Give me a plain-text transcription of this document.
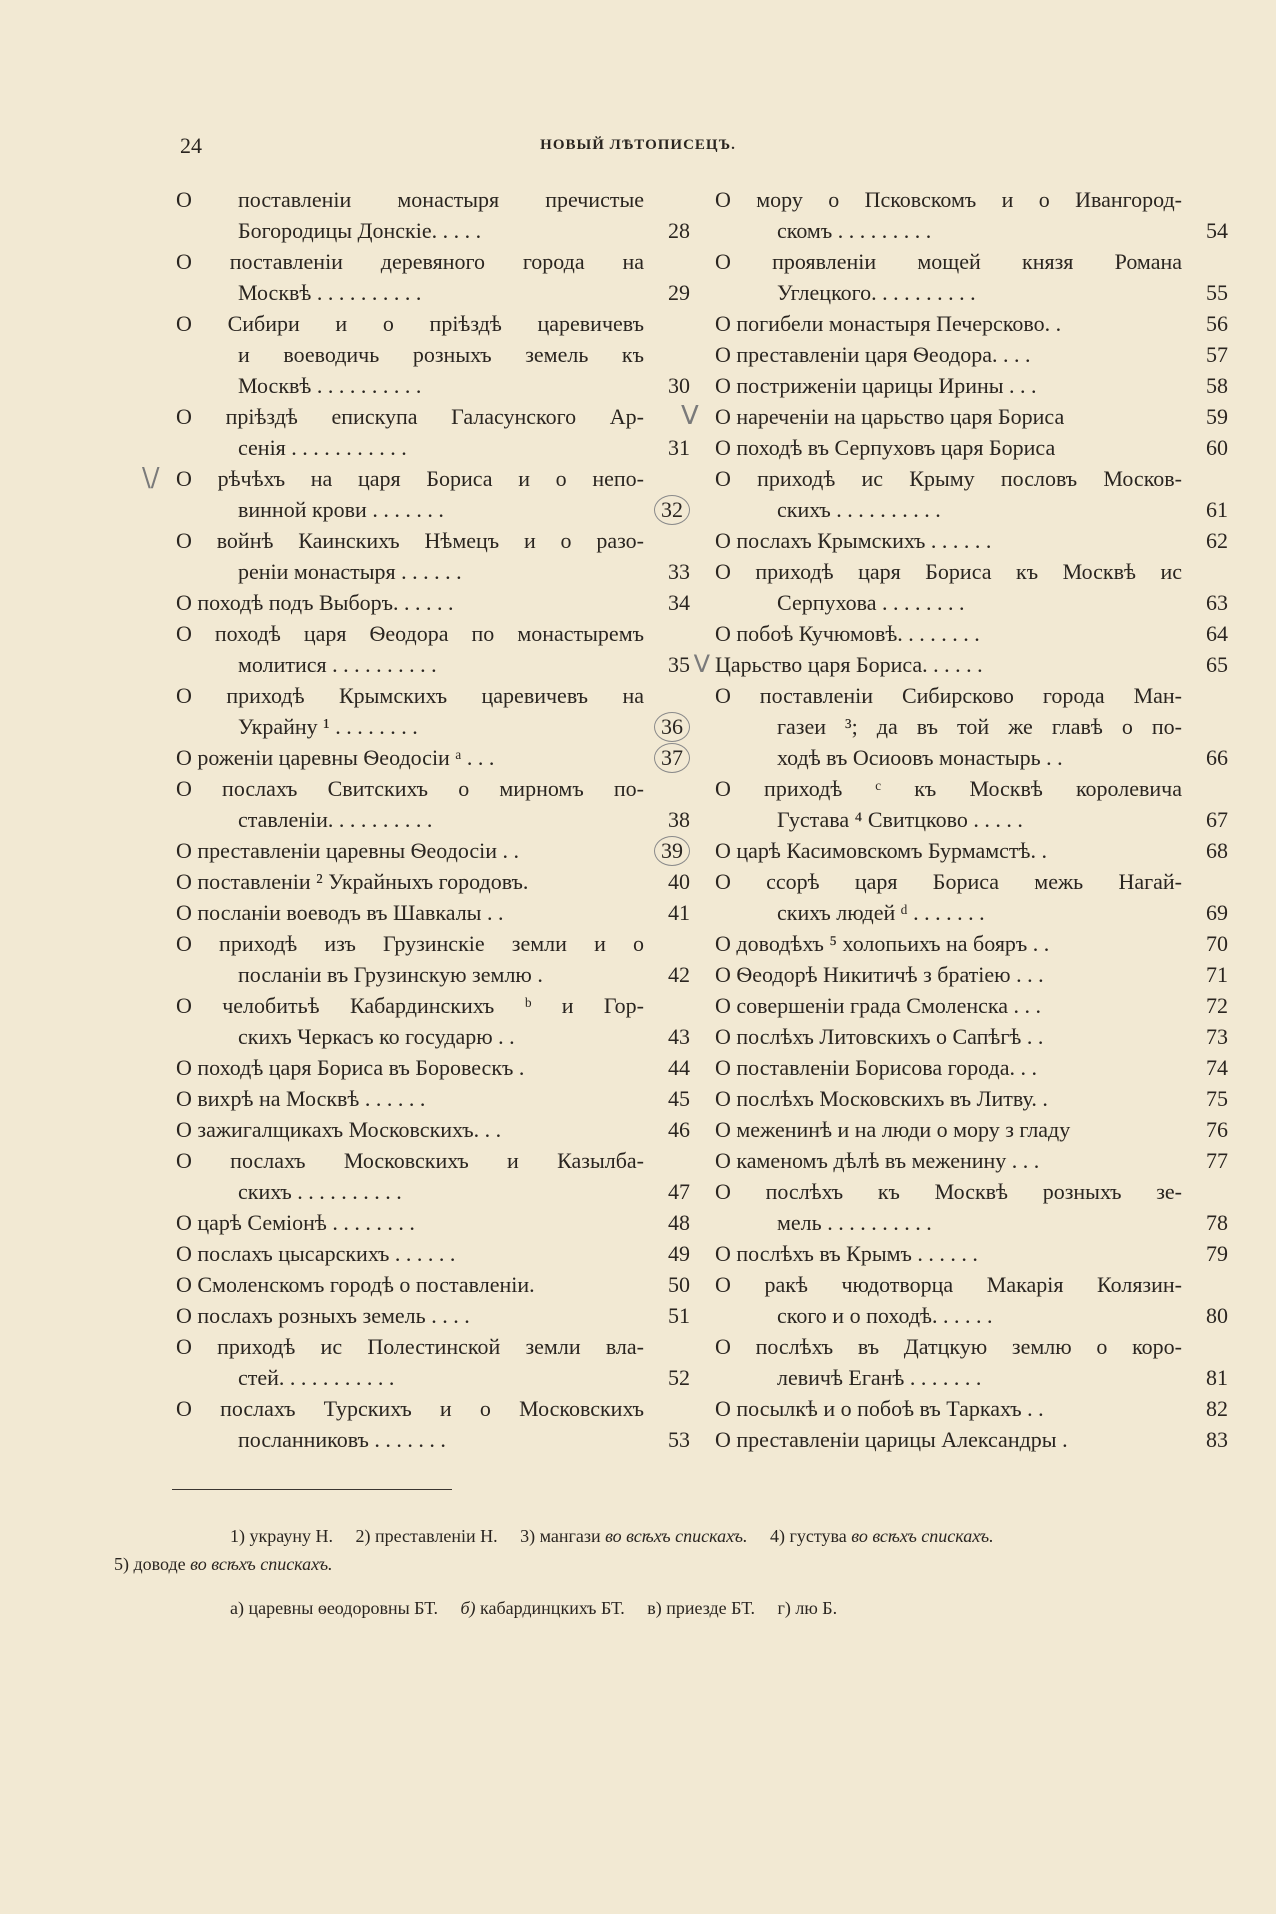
24	НОВЫЙ ЛѢТОПИСЕЦЪ.
О поставленіи монастыря пречистые
Богородицы Донскіе. . . . .	28
О поставленіи деревяного города на
Москвѣ . . . . . . . . . .	29
О Сибири и о пріѣздѣ царевичевъ
и воеводичь розныхъ земель къ
Москвѣ . . . . . . . . . .	30
О пріѣздѣ епискупа Галасунского Ар-
сенія . . . . . . . . . . .	31
\/ О рѣчѣхъ на царя Бориса и о непо-
винной крови . . . . . . .	32
О войнѣ Каинскихъ Нѣмецъ и о разо-
реніи монастыря . . . . . .	33
О походѣ подъ Выборъ. . . . . .	34
О походѣ царя Ѳеодора по монастыремъ
молитися . . . . . . . . . .	35 V
О приходѣ Крымскихъ царевичевъ на
Украйну ¹ . . . . . . . .	36
О роженіи царевны Ѳеодосіи ᵃ . . .	37
О послахъ Свитскихъ о мирномъ по-
ставленіи. . . . . . . . . .	38
О преставленіи царевны Ѳеодосіи . .	39
О поставленіи ² Украйныхъ городовъ.	40
О посланіи воеводъ въ Шавкалы . .	41
О приходѣ изъ Грузинскіе земли и о
посланіи въ Грузинскую землю .	42
О челобитьѣ Кабардинскихъ ᵇ и Гор-
скихъ Черкасъ ко государю . .	43
О походѣ царя Бориса въ Боровескъ .	44
О вихрѣ на Москвѣ . . . . . .	45
О зажигалщикахъ Московскихъ. . .	46
О послахъ Московскихъ и Казылба-
скихъ . . . . . . . . . .	47
О царѣ Семіонѣ . . . . . . . .	48
О послахъ цысарскихъ . . . . . .	49
О Смоленскомъ городѣ о поставленіи.	50
О послахъ розныхъ земель . . . .	51
О приходѣ ис Полестинской земли вла-
стей. . . . . . . . . . .	52
О послахъ Турскихъ и о Московскихъ
посланниковъ . . . . . . .	53
О мору о Псковскомъ и о Ивангород-
скомъ . . . . . . . . .	54
О проявленіи мощей князя Романа
Углецкого. . . . . . . . . .	55
О погибели монастыря Печерсково. .	56
О преставленіи царя Ѳеодора. . . .	57
О постриженіи царицы Ирины . . .	58
V О нареченіи на царьство царя Бориса	59
О походѣ въ Серпуховъ царя Бориса	60
О приходѣ ис Крыму пословъ Москов-
скихъ . . . . . . . . . .	61
О послахъ Крымскихъ . . . . . .	62
О приходѣ царя Бориса къ Москвѣ ис
Серпухова . . . . . . . .	63
О побоѣ Кучюмовѣ. . . . . . . .	64
Царьство царя Бориса. . . . . .	65
О поставленіи Сибирсково города Ман-
газеи ³; да въ той же главѣ о по-
ходѣ въ Осиоовъ монастырь . .	66
О приходѣ ᶜ къ Москвѣ королевича
Густава ⁴ Свитцково . . . . .	67
О царѣ Касимовскомъ Бурмамстѣ. .	68
О ссорѣ царя Бориса межь Нагай-
скихъ людей ᵈ . . . . . . .	69
О доводѣхъ ⁵ холопьихъ на бояръ . .	70
О Ѳеодорѣ Никитичѣ з братіею . . .	71
О совершеніи града Смоленска . . .	72
О послѣхъ Литовскихъ о Сапѣгѣ . .	73
О поставленіи Борисова города. . .	74
О послѣхъ Московскихъ въ Литву. .	75
О меженинѣ и на люди о мору з гладу	76
О каменомъ дѣлѣ въ меженину . . .	77
О послѣхъ къ Москвѣ розныхъ зе-
мель . . . . . . . . . .	78
О послѣхъ въ Крымъ . . . . . .	79
О ракѣ чюдотворца Макарія Колязин-
ского и о походѣ. . . . . .	80
О послѣхъ въ Датцкую землю о коро-
левичѣ Еганѣ . . . . . . .	81
О посылкѣ и о побоѣ въ Таркахъ . .	82
О преставленіи царицы Александры .	83
1) украуну Н. 2) преставленіи Н. 3) мангази во всѣхъ спискахъ. 4) густува во всѣхъ спискахъ.
5) доводе во всѣхъ спискахъ.
а) царевны ѳеодоровны БТ. б) кабардинцкихъ БТ. в) приезде БТ. г) лю Б.
